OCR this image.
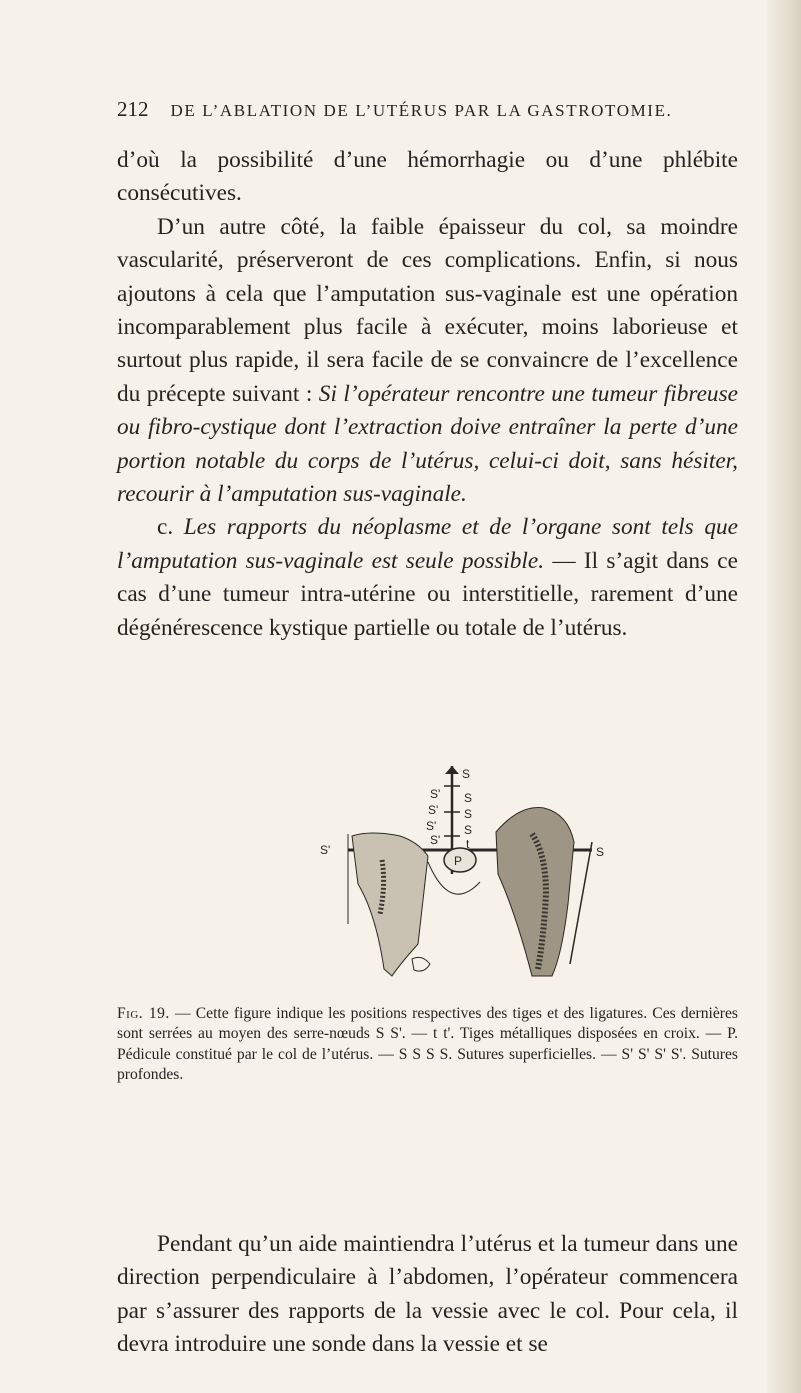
212 DE L’ABLATION DE L’UTÉRUS PAR LA GASTROTOMIE.

d’où la possibilité d’une hémorrhagie ou d’une phlébite consécutives.

D’un autre côté, la faible épaisseur du col, sa moindre vascularité, préserveront de ces complications. Enfin, si nous ajoutons à cela que l’amputation sus-vaginale est une opération incomparablement plus facile à exécuter, moins laborieuse et surtout plus rapide, il sera facile de se convaincre de l’excellence du précepte suivant : Si l’opérateur rencontre une tumeur fibreuse ou fibro-cystique dont l’extraction doive entraîner la perte d’une portion notable du corps de l’utérus, celui-ci doit, sans hésiter, recourir à l’amputation sus-vaginale.

c. Les rapports du néoplasme et de l’organe sont tels que l’amputation sus-vaginale est seule possible. — Il s’agit dans ce cas d’une tumeur intra-utérine ou interstitielle, rarement d’une dégénérescence kystique partielle ou totale de l’utérus.

S
S'
S'
S'
S'
S
S
S
t
P
S'	S

Fig. 19. — Cette figure indique les positions respectives des tiges et des ligatures. Ces dernières sont serrées au moyen des serre-nœuds S S'. — t t'. Tiges métalliques disposées en croix. — P. Pédicule constitué par le col de l’utérus. — S S S S. Sutures superficielles. — S' S' S' S'. Sutures profondes.

Pendant qu’un aide maintiendra l’utérus et la tumeur dans une direction perpendiculaire à l’abdomen, l’opérateur commencera par s’assurer des rapports de la vessie avec le col. Pour cela, il devra introduire une sonde dans la vessie et se
